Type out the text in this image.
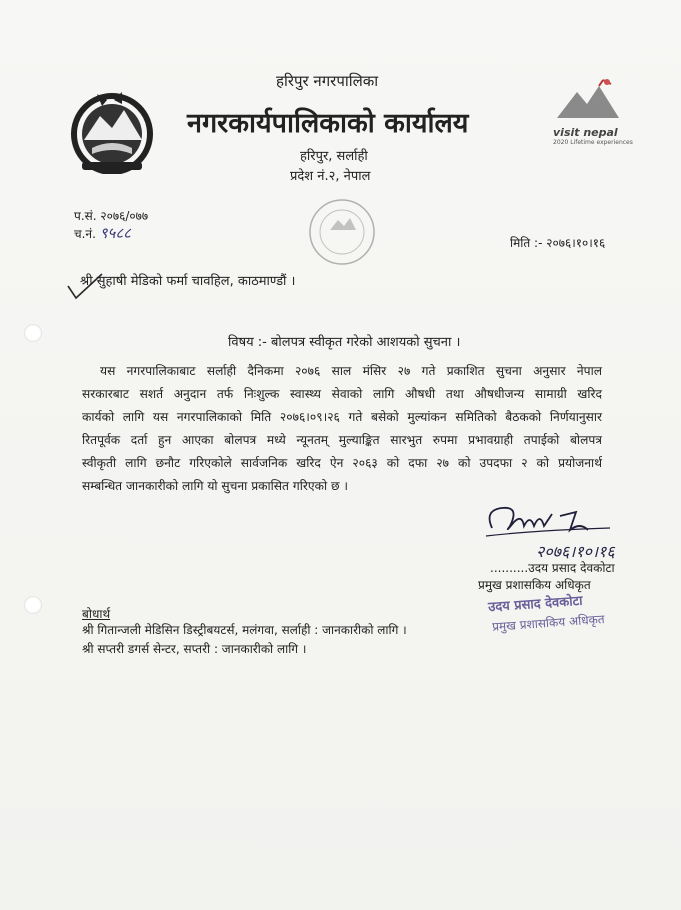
visit nepal
2020 Lifetime experiences
हरिपुर नगरपालिका
नगरकार्यपालिकाको कार्यालय
हरिपुर, सर्लाही
प्रदेश नं.२, नेपाल
प.सं. २०७६/०७७
च.नं. ९५८८
मिति :- २०७६।१०।१६
श्री सुहाषी मेडिको फर्मा चावहिल, काठमाण्डौं ।
विषय :- बोलपत्र स्वीकृत गरेको आशयको सुचना ।
यस नगरपालिकाबाट सर्लाही दैनिकमा २०७६ साल मंसिर २७ गते प्रकाशित सुचना अनुसार नेपाल
सरकारबाट सशर्त अनुदान तर्फ निःशुल्क स्वास्थ्य सेवाको लागि औषधी तथा औषधीजन्य सामाग्री खरिद
कार्यको लागि यस नगरपालिकाको मिति २०७६।०९।२६ गते बसेको मुल्यांकन समितिको बैठकको निर्णयानुसार
रितपूर्वक दर्ता हुन आएका बोलपत्र मध्ये न्यूनतम् मुल्याङ्कित सारभुत रुपमा प्रभावग्राही तपाईको बोलपत्र
स्वीकृती लागि छनौट गरिएकोले सार्वजनिक खरिद ऐन २०६३ को दफा २७ को उपदफा २ को प्रयोजनार्थ
सम्बन्धित जानकारीको लागि यो सुचना प्रकासित गरिएको छ ।
२०७६।१०।१६
..........उदय प्रसाद देवकोटा
प्रमुख प्रशासकिय अधिकृत
उदय प्रसाद देवकोटा
प्रमुख प्रशासकिय अधिकृत
बोधार्थ
श्री गितान्जली मेडिसिन डिस्ट्रीबयटर्स, मलंगवा, सर्लाही : जानकारीको लागि ।
श्री सप्तरी डगर्स सेन्टर, सप्तरी : जानकारीको लागि ।
